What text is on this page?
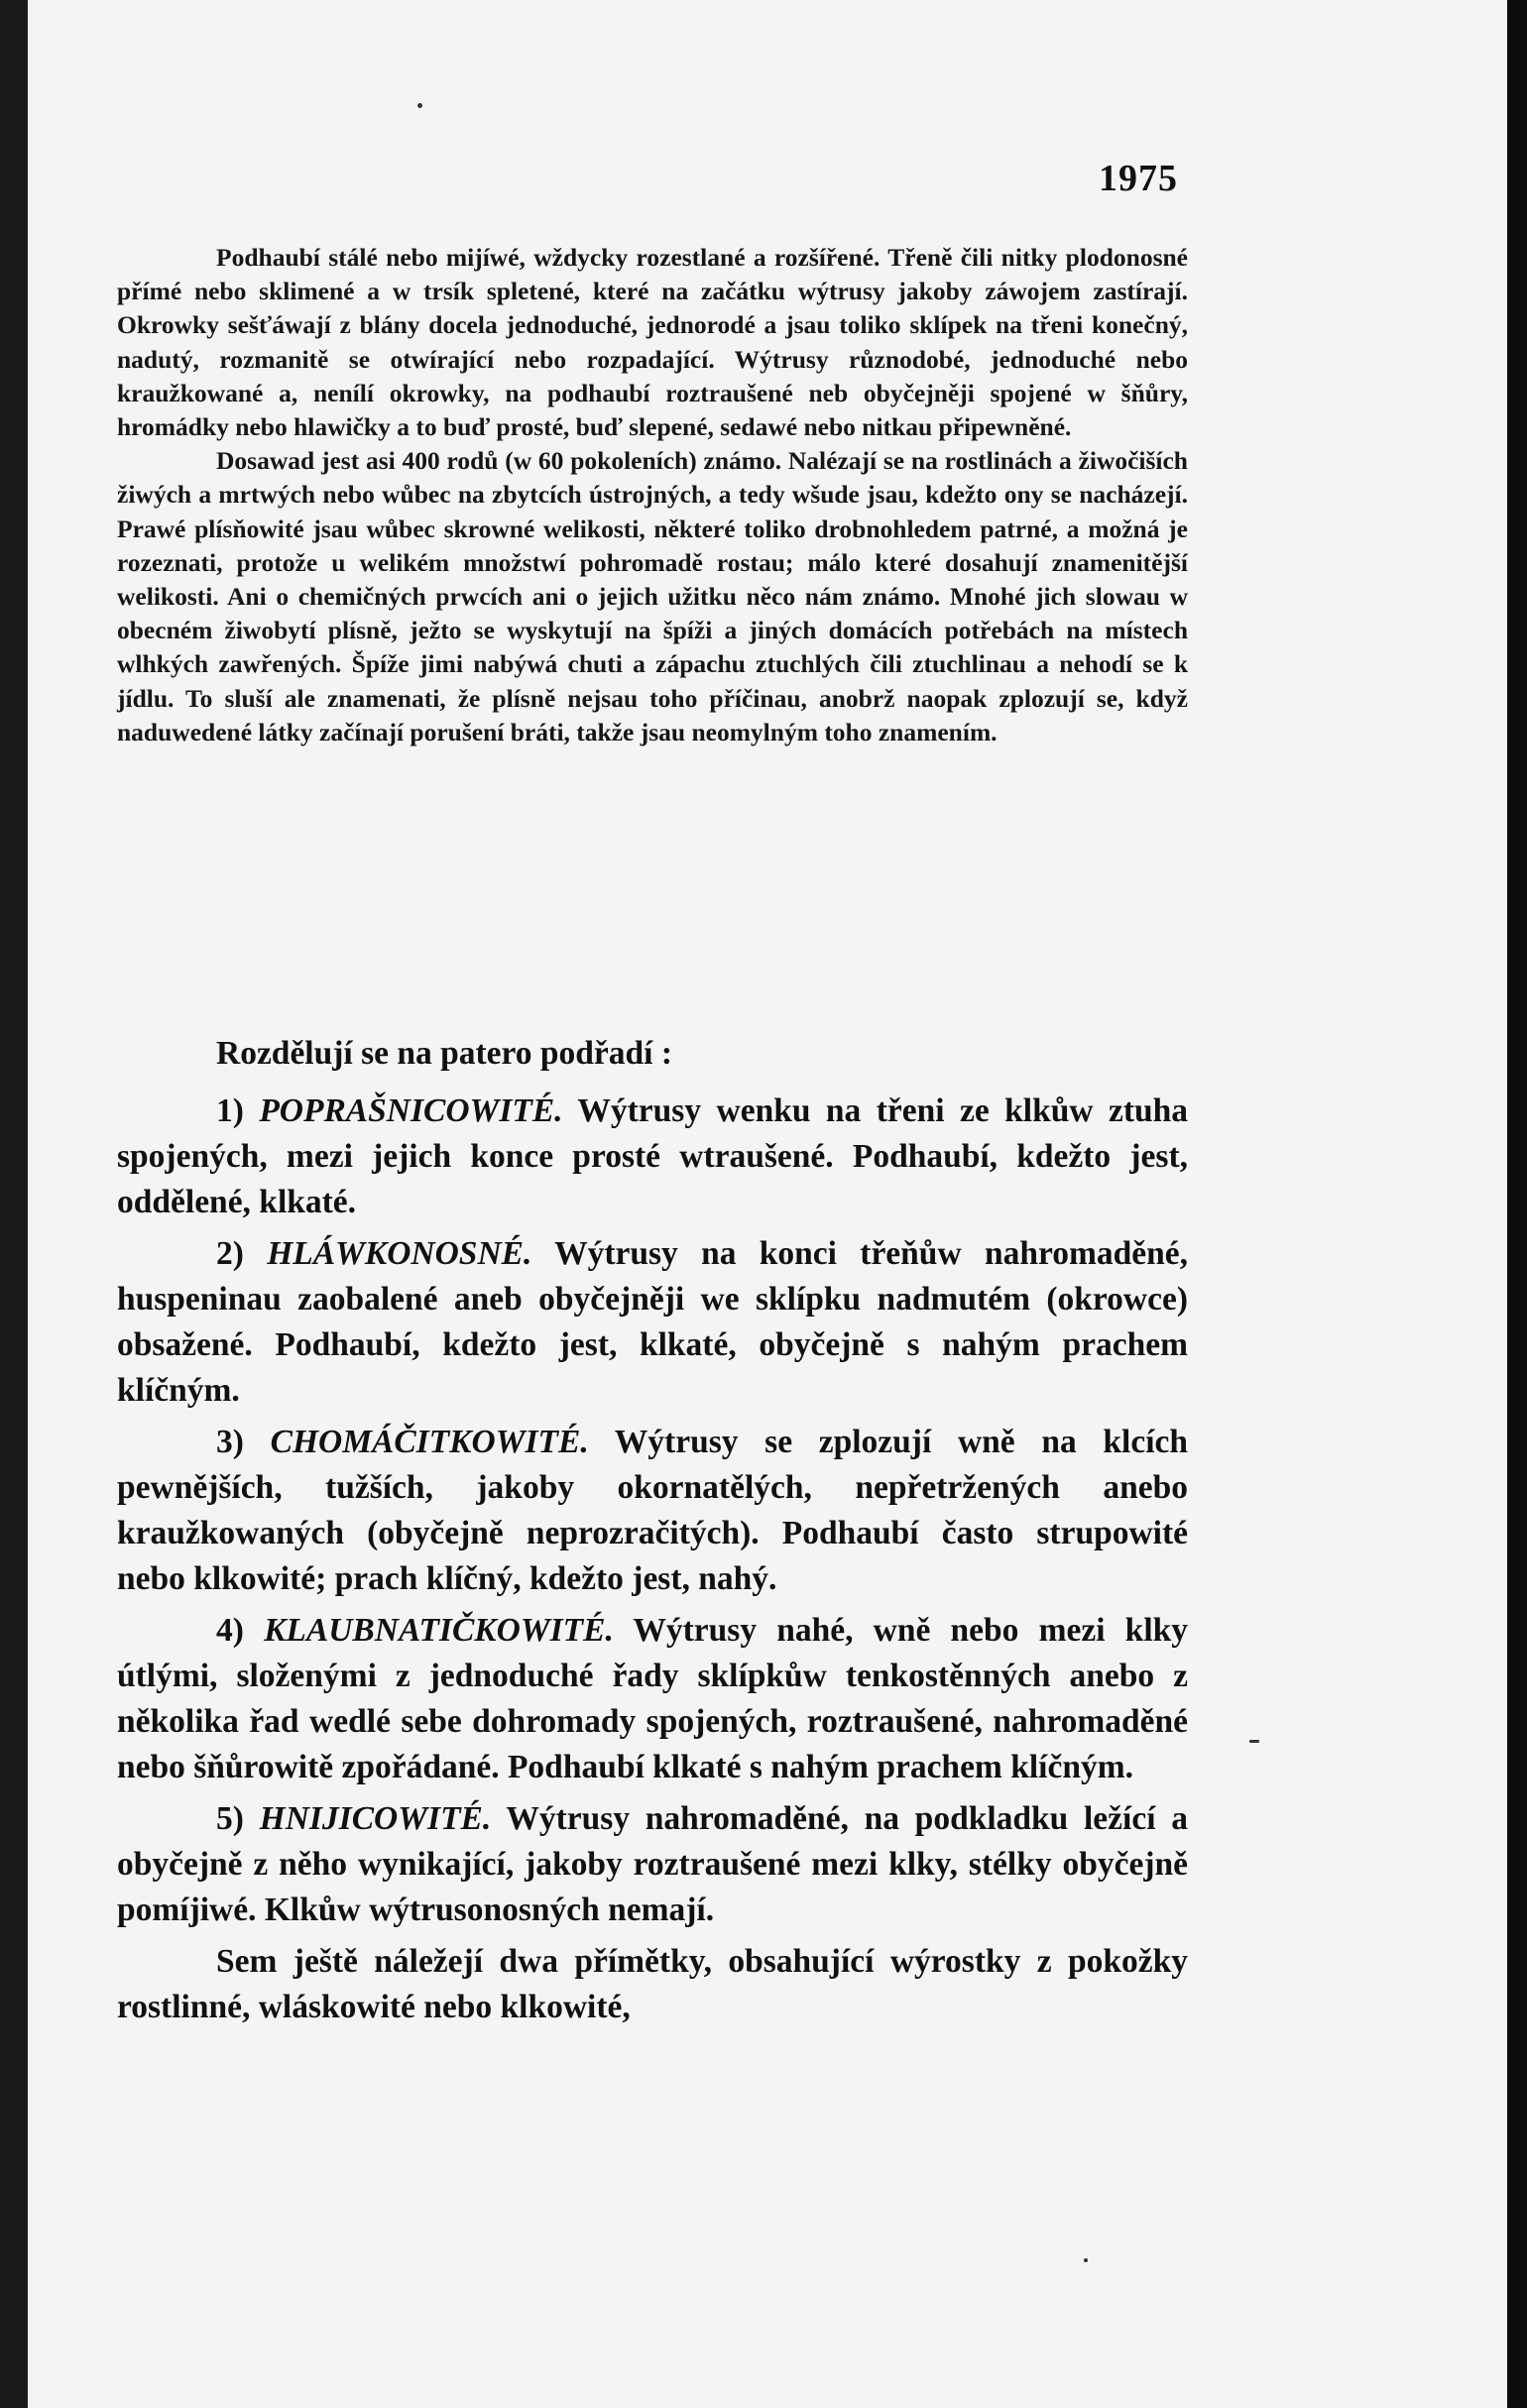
1975

Podhaubí stálé nebo mijíwé, wždycky rozestlané a rozšířené. Třeně čili nitky plodonosné přímé nebo sklimené a w trsík spletené, které na začátku wýtrusy jakoby záwojem zastírají. Okrowky sešťáwají z blány docela jednoduché, jednorodé a jsau toliko sklípek na třeni konečný, nadutý, rozmanitě se otwírající nebo rozpadající. Wýtrusy různodobé, jednoduché nebo kraužkowané a, nenílí okrowky, na podhaubí roztraušené neb obyčejněji spojené w šňůry, hromádky nebo hlawičky a to buď prosté, buď slepené, sedawé nebo nitkau připewněné.

Dosawad jest asi 400 rodů (w 60 pokoleních) známo. Nalézají se na rostlinách a žiwočiších žiwých a mrtwých nebo wůbec na zbytcích ústrojných, a tedy wšude jsau, kdežto ony se nacházejí. Prawé plísňowité jsau wůbec skrowné welikosti, některé toliko drobnohledem patrné, a možná je rozeznati, protože u welikém množstwí pohromadě rostau; málo které dosahují znamenitější welikosti. Ani o chemičných prwcích ani o jejich užitku něco nám známo. Mnohé jich slowau w obecném žiwobytí plísně, ježto se wyskytují na špíži a jiných domácích potřebách na místech wlhkých zawřených. Špíže jimi nabýwá chuti a zápachu ztuchlých čili ztuchlinau a nehodí se k jídlu. To sluší ale znamenati, že plísně nejsau toho příčinau, anobrž naopak zplozují se, když naduwedené látky začínají porušení bráti, takže jsau neomylným toho znamením.

Rozdělují se na patero podřadí :

1) POPRAŠNICOWITÉ. Wýtrusy wenku na třeni ze klkůw ztuha spojených, mezi jejich konce prosté wtraušené. Podhaubí, kdežto jest, oddělené, klkaté.

2) HLÁWKONOSNÉ. Wýtrusy na konci třeňůw nahromaděné, huspeninau zaobalené aneb obyčejněji we sklípku nadmutém (okrowce) obsažené. Podhaubí, kdežto jest, klkaté, obyčejně s nahým prachem klíčným.

3) CHOMÁČITKOWITÉ. Wýtrusy se zplozují wně na klcích pewnějších, tužších, jakoby okornatělých, nepřetržených anebo kraužkowaných (obyčejně neprozračitých). Podhaubí často strupowité nebo klkowité; prach klíčný, kdežto jest, nahý.

4) KLAUBNATIČKOWITÉ. Wýtrusy nahé, wně nebo mezi klky útlými, složenými z jednoduché řady sklípkůw tenkostěnných anebo z několika řad wedlé sebe dohromady spojených, roztraušené, nahromaděné nebo šňůrowitě zpořádané. Podhaubí klkaté s nahým prachem klíčným.

5) HNIJICOWITÉ. Wýtrusy nahromaděné, na podkladku ležící a obyčejně z něho wynikající, jakoby roztraušené mezi klky, stélky obyčejně pomíjiwé. Klkůw wýtrusonosných nemají.

Sem ještě náležejí dwa přímětky, obsahující wýrostky z pokožky rostlinné, wláskowité nebo klkowité,
